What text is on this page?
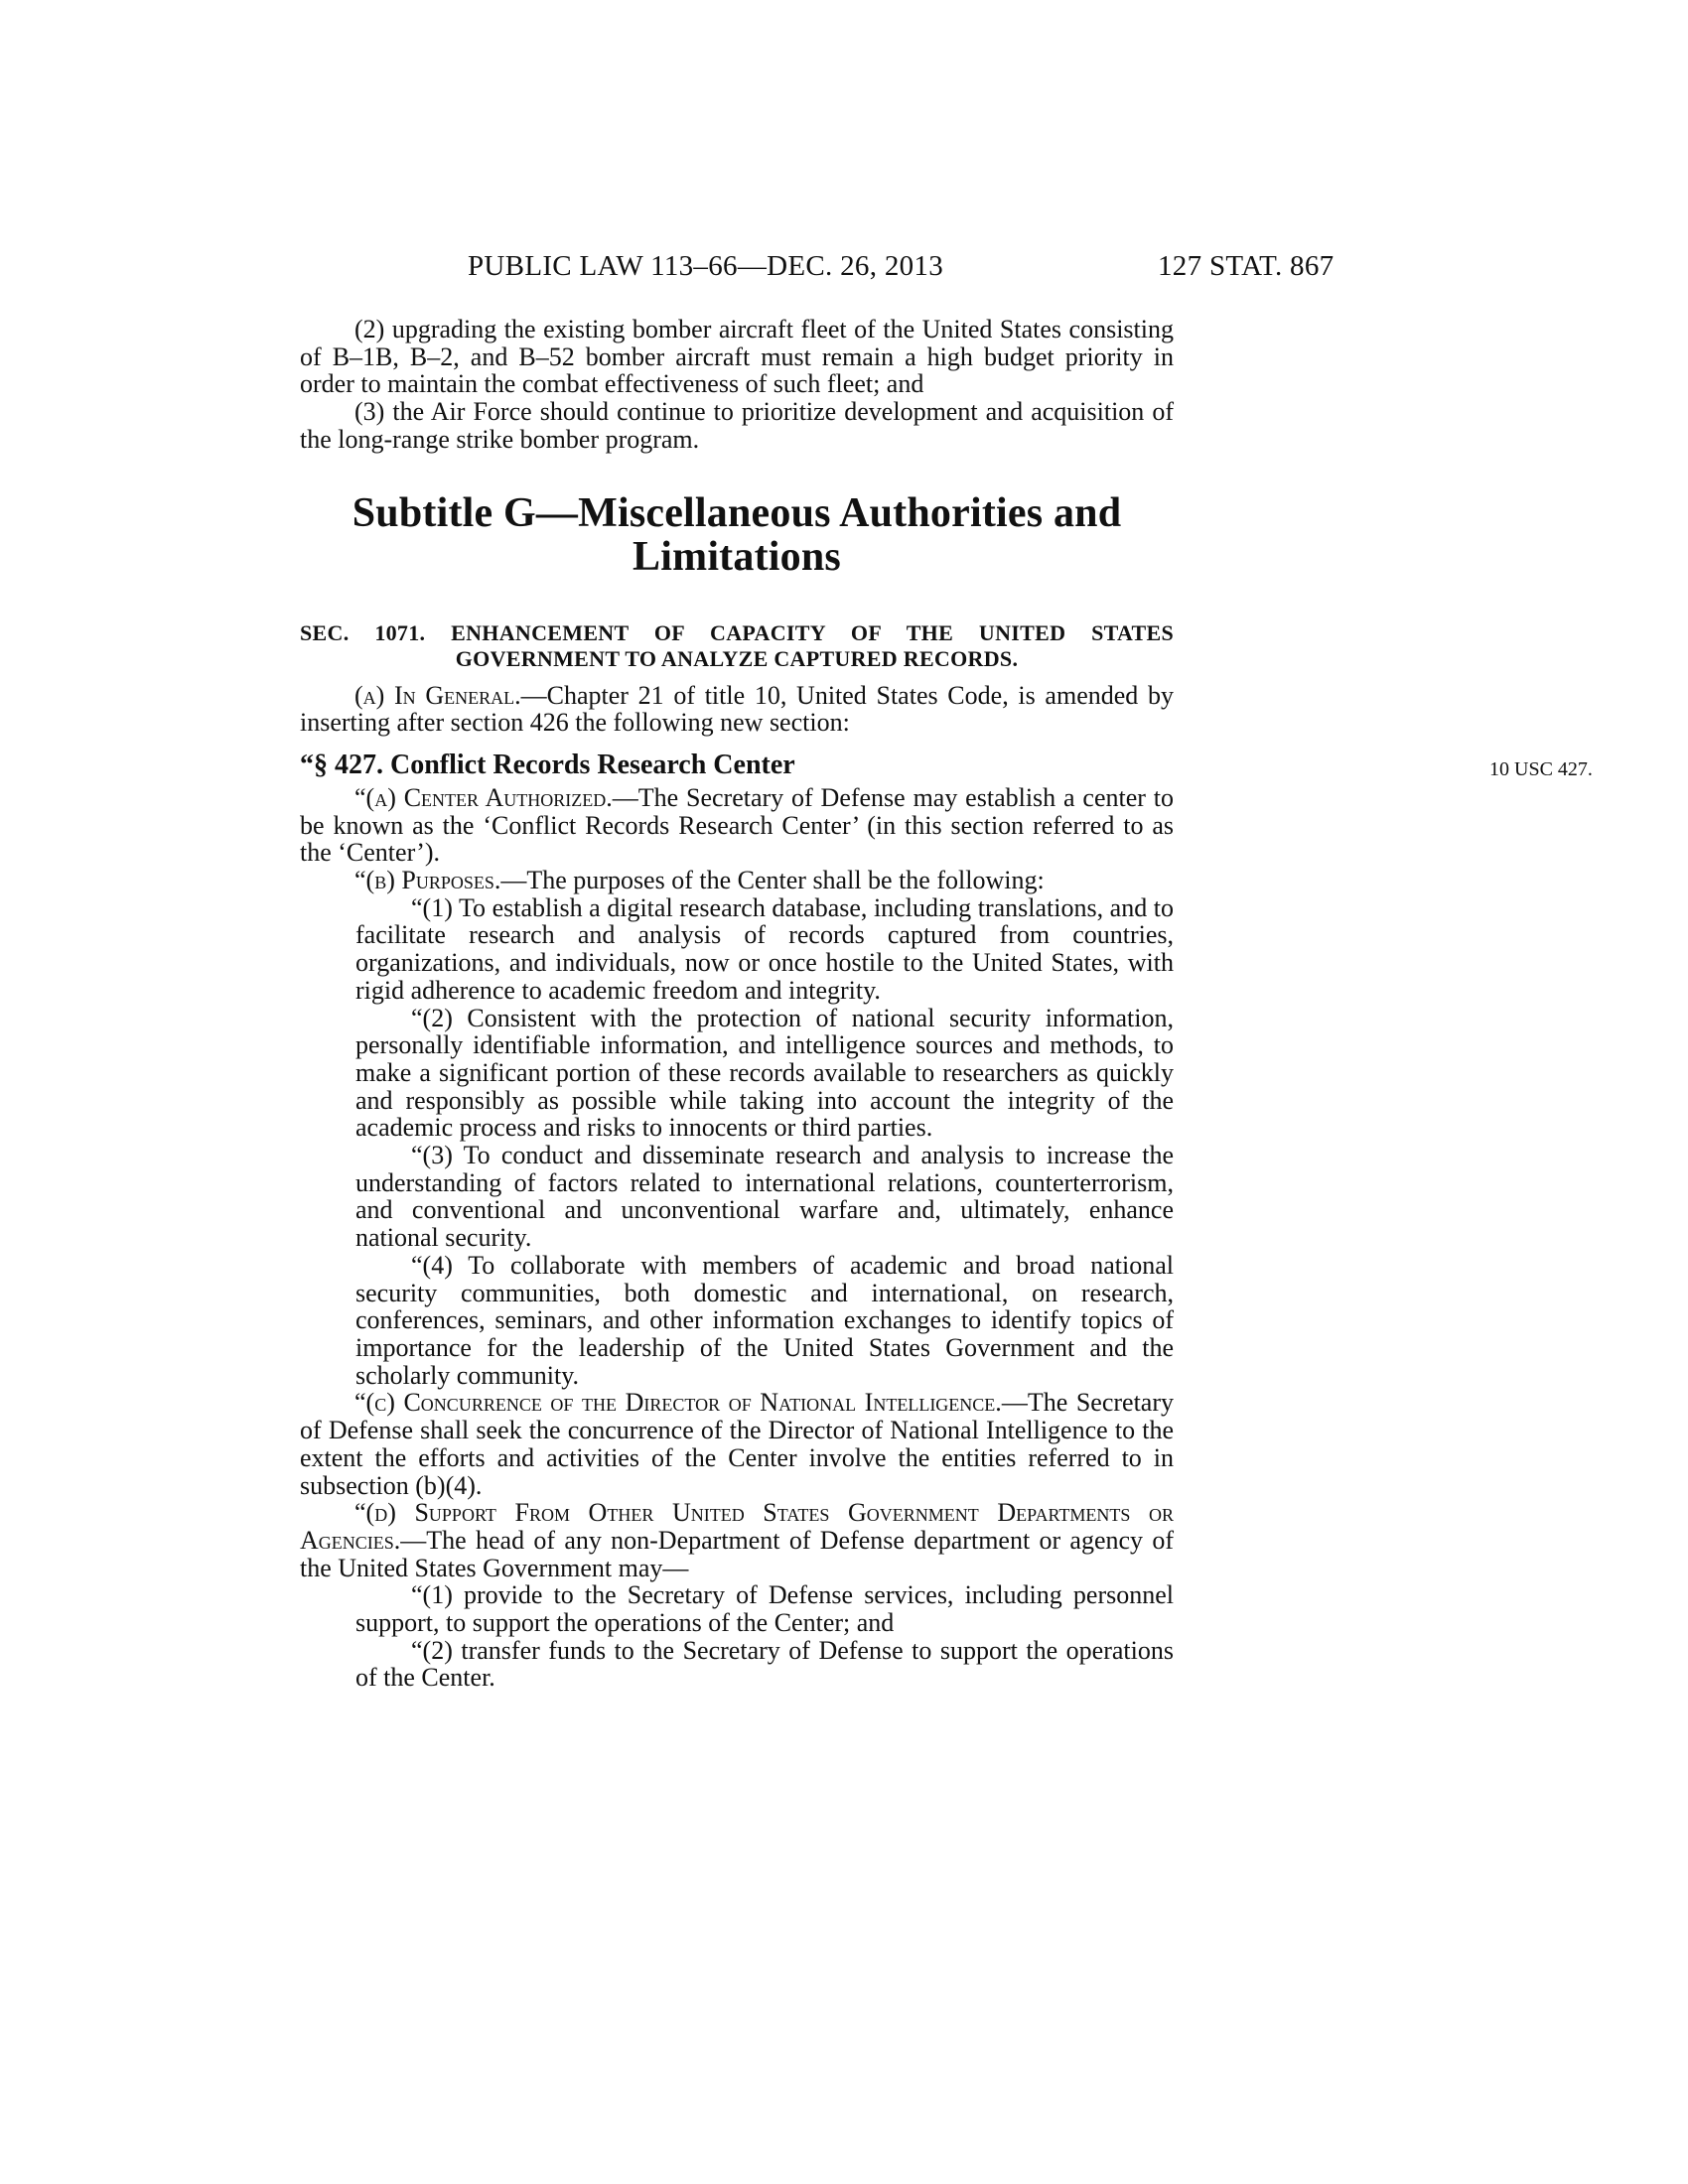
PUBLIC LAW 113–66—DEC. 26, 2013	127 STAT. 867

(2) upgrading the existing bomber aircraft fleet of the United States consisting of B–1B, B–2, and B–52 bomber aircraft must remain a high budget priority in order to maintain the combat effectiveness of such fleet; and

(3) the Air Force should continue to prioritize development and acquisition of the long-range strike bomber program.

Subtitle G—Miscellaneous Authorities and
Limitations
SEC. 1071. ENHANCEMENT OF CAPACITY OF THE UNITED STATES
GOVERNMENT TO ANALYZE CAPTURED RECORDS.

(a) In General.—Chapter 21 of title 10, United States Code, is amended by inserting after section 426 the following new section:

“§ 427. Conflict Records Research Center	10 USC 427.

“(a) Center Authorized.—The Secretary of Defense may establish a center to be known as the ‘Conflict Records Research Center’ (in this section referred to as the ‘Center’).

“(b) Purposes.—The purposes of the Center shall be the following:

“(1) To establish a digital research database, including translations, and to facilitate research and analysis of records captured from countries, organizations, and individuals, now or once hostile to the United States, with rigid adherence to academic freedom and integrity.

“(2) Consistent with the protection of national security information, personally identifiable information, and intelligence sources and methods, to make a significant portion of these records available to researchers as quickly and responsibly as possible while taking into account the integrity of the academic process and risks to innocents or third parties.

“(3) To conduct and disseminate research and analysis to increase the understanding of factors related to international relations, counterterrorism, and conventional and unconventional warfare and, ultimately, enhance national security.

“(4) To collaborate with members of academic and broad national security communities, both domestic and international, on research, conferences, seminars, and other information exchanges to identify topics of importance for the leadership of the United States Government and the scholarly community.

“(c) Concurrence of the Director of National Intelligence.—The Secretary of Defense shall seek the concurrence of the Director of National Intelligence to the extent the efforts and activities of the Center involve the entities referred to in subsection (b)(4).

“(d) Support From Other United States Government Departments or Agencies.—The head of any non-Department of Defense department or agency of the United States Government may—

“(1) provide to the Secretary of Defense services, including personnel support, to support the operations of the Center; and

“(2) transfer funds to the Secretary of Defense to support the operations of the Center.
